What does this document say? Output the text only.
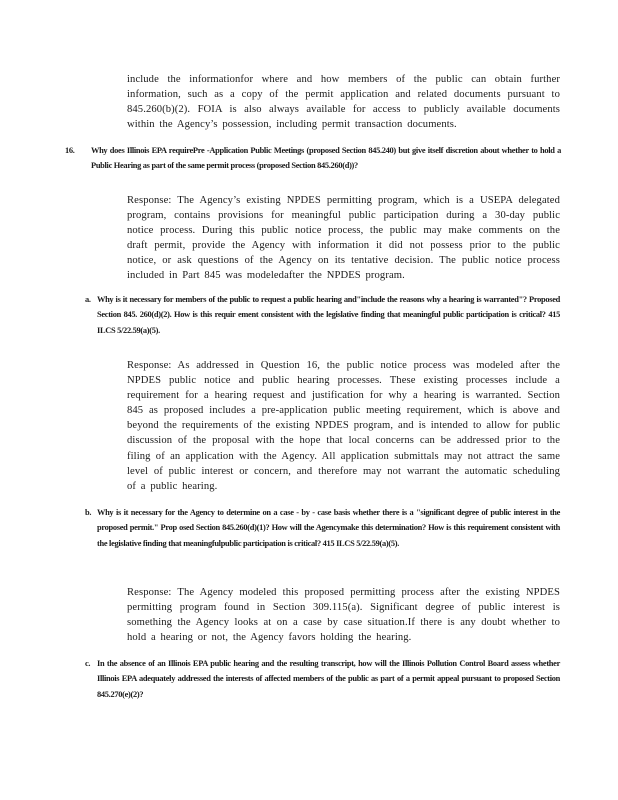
include the informationfor where and how members of the public can obtain further information, such as a copy of the permit application and related documents pursuant to 845.260(b)(2). FOIA is also always available for access to publicly available documents within the Agency’s possession, including permit transaction documents.
16. Why does Illinois EPA requirePre -Application Public Meetings (proposed Section 845.240) but give itself discretion about whether to hold a Public Hearing as part of the same permit process (proposed Section 845.260(d))?
Response: The Agency’s existing NPDES permitting program, which is a USEPA delegated program, contains provisions for meaningful public participation during a 30-day public notice process. During this public notice process, the public may make comments on the draft permit, provide the Agency with information it did not possess prior to the public notice, or ask questions of the Agency on its tentative decision. The public notice process included in Part 845 was modeledafter the NPDES program.
a. Why is it necessary for members of the public to request a public hearing and"include the reasons why a hearing is warranted"? Proposed Section 845. 260(d)(2). How is this requir ement consistent with the legislative finding that meaningful public participation is critical? 415 ILCS 5/22.59(a)(5).
Response: As addressed in Question 16, the public notice process was modeled after the NPDES public notice and public hearing processes. These existing processes include a requirement for a hearing request and justification for why a hearing is warranted. Section 845 as proposed includes a pre-application public meeting requirement, which is above and beyond the requirements of the existing NPDES program, and is intended to allow for public discussion of the proposal with the hope that local concerns can be addressed prior to the filing of an application with the Agency. All application submittals may not attract the same level of public interest or concern, and therefore may not warrant the automatic scheduling of a public hearing.
b. Why is it necessary for the Agency to determine on a case - by - case basis whether there is a "significant degree of public interest in the proposed permit." Prop osed Section 845.260(d)(1)? How will the Agencymake this determination? How is this requirement consistent with the legislative finding that meaningfulpublic participation is critical? 415 ILCS 5/22.59(a)(5).
Response: The Agency modeled this proposed permitting process after the existing NPDES permitting program found in Section 309.115(a). Significant degree of public interest is something the Agency looks at on a case by case situation.If there is any doubt whether to hold a hearing or not, the Agency favors holding the hearing.
c. In the absence of an Illinois EPA public hearing and the resulting transcript, how will the Illinois Pollution Control Board assess whether Illinois EPA adequately addressed the interests of affected members of the public as part of a permit appeal pursuant to proposed Section 845.270(e)(2)?
